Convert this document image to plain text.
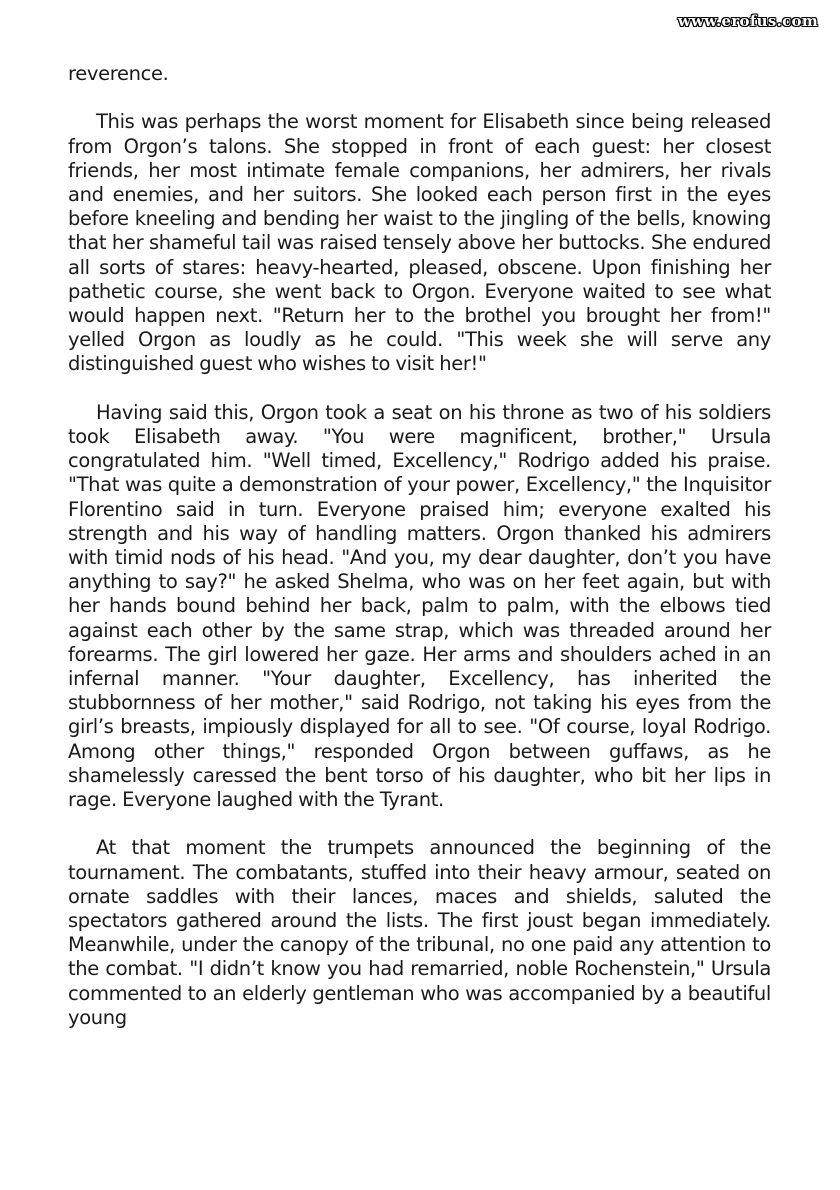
www.erofus.com

reverence.

This was perhaps the worst moment for Elisabeth since being released from Orgon’s talons. She stopped in front of each guest: her closest friends, her most intimate female companions, her admirers, her rivals and enemies, and her suitors. She looked each person first in the eyes before kneeling and bending her waist to the jingling of the bells, knowing that her shameful tail was raised tensely above her buttocks. She endured all sorts of stares: heavy-hearted, pleased, obscene. Upon finishing her pathetic course, she went back to Orgon. Everyone waited to see what would happen next. "Return her to the brothel you brought her from!" yelled Orgon as loudly as he could. "This week she will serve any distinguished guest who wishes to visit her!"

Having said this, Orgon took a seat on his throne as two of his soldiers took Elisabeth away. "You were magnificent, brother," Ursula congratulated him. "Well timed, Excellency," Rodrigo added his praise. "That was quite a demonstration of your power, Excellency," the Inquisitor Florentino said in turn. Everyone praised him; everyone exalted his strength and his way of handling matters. Orgon thanked his admirers with timid nods of his head. "And you, my dear daughter, don’t you have anything to say?" he asked Shelma, who was on her feet again, but with her hands bound behind her back, palm to palm, with the elbows tied against each other by the same strap, which was threaded around her forearms. The girl lowered her gaze. Her arms and shoulders ached in an infernal manner. "Your daughter, Excellency, has inherited the stubbornness of her mother," said Rodrigo, not taking his eyes from the girl’s breasts, impiously displayed for all to see. "Of course, loyal Rodrigo. Among other things," responded Orgon between guffaws, as he shamelessly caressed the bent torso of his daughter, who bit her lips in rage. Everyone laughed with the Tyrant.

At that moment the trumpets announced the beginning of the tournament. The combatants, stuffed into their heavy armour, seated on ornate saddles with their lances, maces and shields, saluted the spectators gathered around the lists. The first joust began immediately. Meanwhile, under the canopy of the tribunal, no one paid any attention to the combat. "I didn’t know you had remarried, noble Rochenstein," Ursula commented to an elderly gentleman who was accompanied by a beautiful young
